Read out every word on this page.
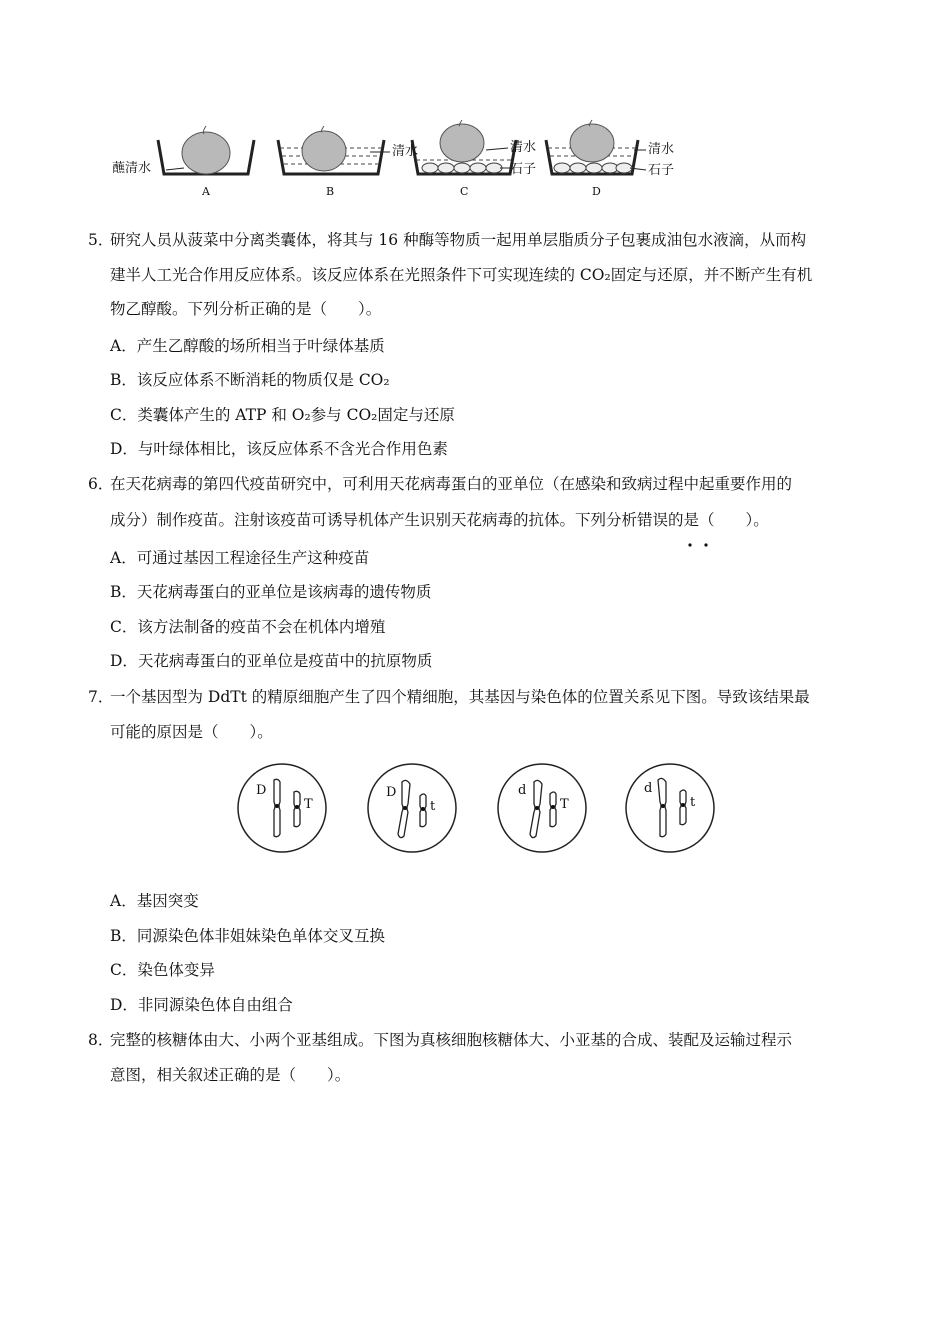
蘸清水
清水	清水
石子
清水
石子
A	B	C	D
5．
研究人员从菠菜中分离类囊体，将其与 16 种酶等物质一起用单层脂质分子包裹成油包水液滴，从而构
建半人工光合作用反应体系。该反应体系在光照条件下可实现连续的 CO₂固定与还原，并不断产生有机
物乙醇酸。下列分析正确的是（　　）。
A．产生乙醇酸的场所相当于叶绿体基质
B．该反应体系不断消耗的物质仅是 CO₂
C．类囊体产生的 ATP 和 O₂参与 CO₂固定与还原
D．与叶绿体相比，该反应体系不含光合作用色素
6．
在天花病毒的第四代疫苗研究中，可利用天花病毒蛋白的亚单位（在感染和致病过程中起重要作用的
成分）制作疫苗。注射该疫苗可诱导机体产生识别天花病毒的抗体。下列分析错误的是（　　）。
A．可通过基因工程途径生产这种疫苗
B．天花病毒蛋白的亚单位是该病毒的遗传物质
C．该方法制备的疫苗不会在机体内增殖
D．天花病毒蛋白的亚单位是疫苗中的抗原物质
7．
一个基因型为 DdTt 的精原细胞产生了四个精细胞，其基因与染色体的位置关系见下图。导致该结果最
可能的原因是（　　）。
D
T
D
t
d
T
d
t
A．基因突变
B．同源染色体非姐妹染色单体交叉互换
C．染色体变异
D．非同源染色体自由组合
8．
完整的核糖体由大、小两个亚基组成。下图为真核细胞核糖体大、小亚基的合成、装配及运输过程示
意图，相关叙述正确的是（　　）。
